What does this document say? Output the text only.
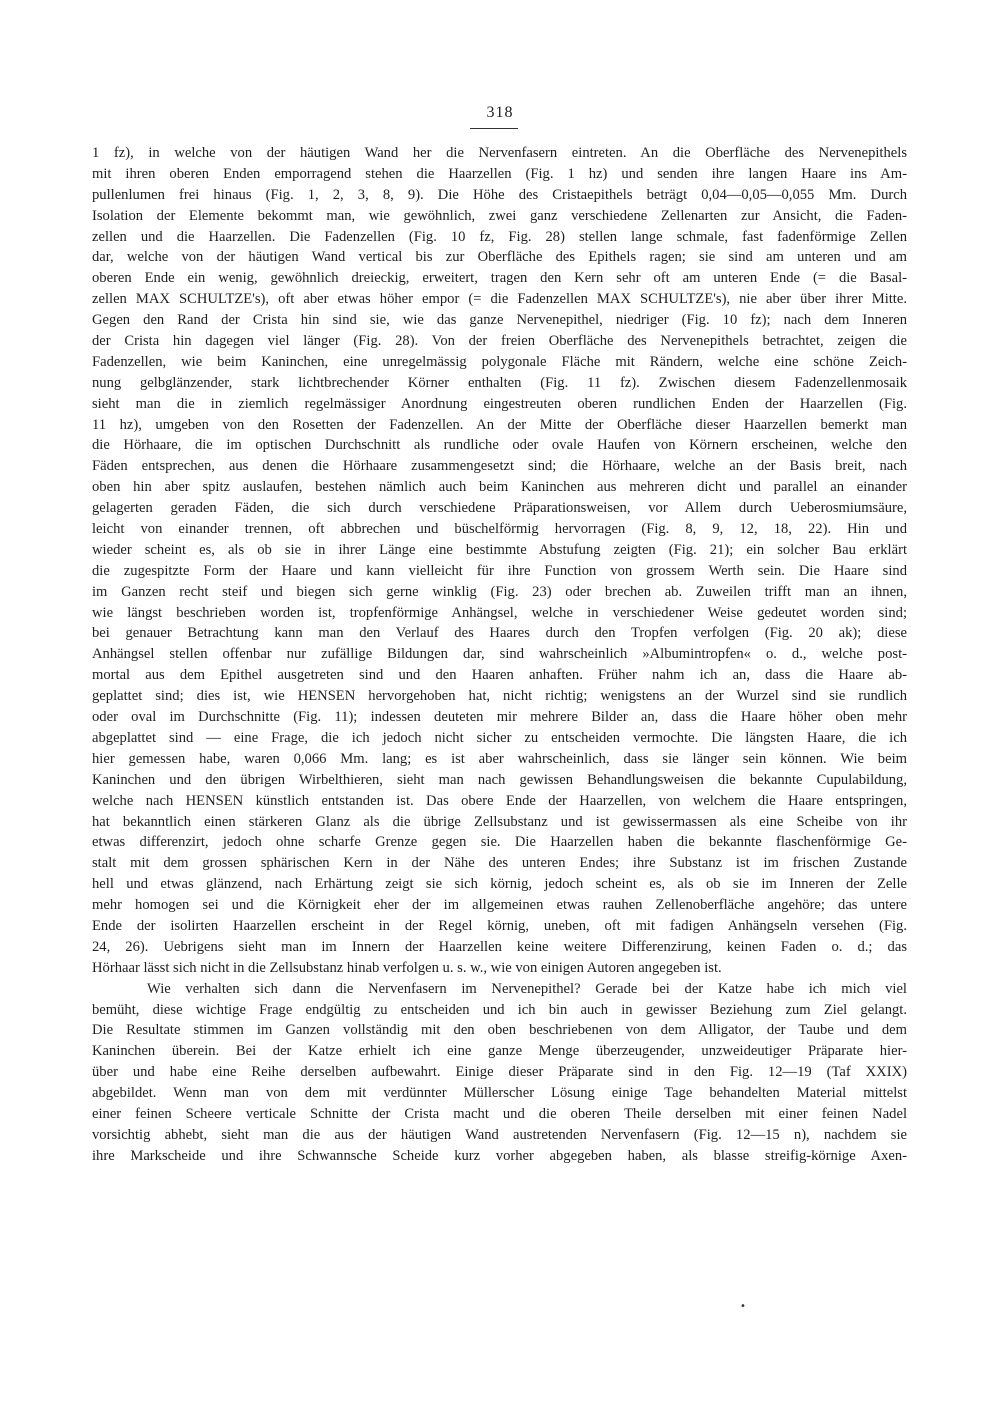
318
1 fz), in welche von der häutigen Wand her die Nervenfasern eintreten. An die Oberfläche des Nervenepithels
mit ihren oberen Enden emporragend stehen die Haarzellen (Fig. 1 hz) und senden ihre langen Haare ins Am-
pullenlumen frei hinaus (Fig. 1, 2, 3, 8, 9). Die Höhe des Cristaepithels beträgt 0,04—0,05—0,055 Mm. Durch
Isolation der Elemente bekommt man, wie gewöhnlich, zwei ganz verschiedene Zellenarten zur Ansicht, die Faden-
zellen und die Haarzellen. Die Fadenzellen (Fig. 10 fz, Fig. 28) stellen lange schmale, fast fadenförmige Zellen
dar, welche von der häutigen Wand vertical bis zur Oberfläche des Epithels ragen; sie sind am unteren und am
oberen Ende ein wenig, gewöhnlich dreieckig, erweitert, tragen den Kern sehr oft am unteren Ende (= die Basal-
zellen MAX SCHULTZE's), oft aber etwas höher empor (= die Fadenzellen MAX SCHULTZE's), nie aber über ihrer Mitte.
Gegen den Rand der Crista hin sind sie, wie das ganze Nervenepithel, niedriger (Fig. 10 fz); nach dem Inneren
der Crista hin dagegen viel länger (Fig. 28). Von der freien Oberfläche des Nervenepithels betrachtet, zeigen die
Fadenzellen, wie beim Kaninchen, eine unregelmässig polygonale Fläche mit Rändern, welche eine schöne Zeich-
nung gelbglänzender, stark lichtbrechender Körner enthalten (Fig. 11 fz). Zwischen diesem Fadenzellenmosaik
sieht man die in ziemlich regelmässiger Anordnung eingestreuten oberen rundlichen Enden der Haarzellen (Fig.
11 hz), umgeben von den Rosetten der Fadenzellen. An der Mitte der Oberfläche dieser Haarzellen bemerkt man
die Hörhaare, die im optischen Durchschnitt als rundliche oder ovale Haufen von Körnern erscheinen, welche den
Fäden entsprechen, aus denen die Hörhaare zusammengesetzt sind; die Hörhaare, welche an der Basis breit, nach
oben hin aber spitz auslaufen, bestehen nämlich auch beim Kaninchen aus mehreren dicht und parallel an einander
gelagerten geraden Fäden, die sich durch verschiedene Präparationsweisen, vor Allem durch Ueberosmiumsäure,
leicht von einander trennen, oft abbrechen und büschelförmig hervorragen (Fig. 8, 9, 12, 18, 22). Hin und
wieder scheint es, als ob sie in ihrer Länge eine bestimmte Abstufung zeigten (Fig. 21); ein solcher Bau erklärt
die zugespitzte Form der Haare und kann vielleicht für ihre Function von grossem Werth sein. Die Haare sind
im Ganzen recht steif und biegen sich gerne winklig (Fig. 23) oder brechen ab. Zuweilen trifft man an ihnen,
wie längst beschrieben worden ist, tropfenförmige Anhängsel, welche in verschiedener Weise gedeutet worden sind;
bei genauer Betrachtung kann man den Verlauf des Haares durch den Tropfen verfolgen (Fig. 20 ak); diese
Anhängsel stellen offenbar nur zufällige Bildungen dar, sind wahrscheinlich »Albumintropfen« o. d., welche post-
mortal aus dem Epithel ausgetreten sind und den Haaren anhaften. Früher nahm ich an, dass die Haare ab-
geplattet sind; dies ist, wie HENSEN hervorgehoben hat, nicht richtig; wenigstens an der Wurzel sind sie rundlich
oder oval im Durchschnitte (Fig. 11); indessen deuteten mir mehrere Bilder an, dass die Haare höher oben mehr
abgeplattet sind — eine Frage, die ich jedoch nicht sicher zu entscheiden vermochte. Die längsten Haare, die ich
hier gemessen habe, waren 0,066 Mm. lang; es ist aber wahrscheinlich, dass sie länger sein können. Wie beim
Kaninchen und den übrigen Wirbelthieren, sieht man nach gewissen Behandlungsweisen die bekannte Cupulabildung,
welche nach HENSEN künstlich entstanden ist. Das obere Ende der Haarzellen, von welchem die Haare entspringen,
hat bekanntlich einen stärkeren Glanz als die übrige Zellsubstanz und ist gewissermassen als eine Scheibe von ihr
etwas differenzirt, jedoch ohne scharfe Grenze gegen sie. Die Haarzellen haben die bekannte flaschenförmige Ge-
stalt mit dem grossen sphärischen Kern in der Nähe des unteren Endes; ihre Substanz ist im frischen Zustande
hell und etwas glänzend, nach Erhärtung zeigt sie sich körnig, jedoch scheint es, als ob sie im Inneren der Zelle
mehr homogen sei und die Körnigkeit eher der im allgemeinen etwas rauhen Zellenoberfläche angehöre; das untere
Ende der isolirten Haarzellen erscheint in der Regel körnig, uneben, oft mit fadigen Anhängseln versehen (Fig.
24, 26). Uebrigens sieht man im Innern der Haarzellen keine weitere Differenzirung, keinen Faden o. d.; das
Hörhaar lässt sich nicht in die Zellsubstanz hinab verfolgen u. s. w., wie von einigen Autoren angegeben ist.
Wie verhalten sich dann die Nervenfasern im Nervenepithel? Gerade bei der Katze habe ich mich viel
bemüht, diese wichtige Frage endgültig zu entscheiden und ich bin auch in gewisser Beziehung zum Ziel gelangt.
Die Resultate stimmen im Ganzen vollständig mit den oben beschriebenen von dem Alligator, der Taube und dem
Kaninchen überein. Bei der Katze erhielt ich eine ganze Menge überzeugender, unzweideutiger Präparate hier-
über und habe eine Reihe derselben aufbewahrt. Einige dieser Präparate sind in den Fig. 12—19 (Taf XXIX)
abgebildet. Wenn man von dem mit verdünnter Müllerscher Lösung einige Tage behandelten Material mittelst
einer feinen Scheere verticale Schnitte der Crista macht und die oberen Theile derselben mit einer feinen Nadel
vorsichtig abhebt, sieht man die aus der häutigen Wand austretenden Nervenfasern (Fig. 12—15 n), nachdem sie
ihre Markscheide und ihre Schwannsche Scheide kurz vorher abgegeben haben, als blasse streifig-körnige Axen-
•
